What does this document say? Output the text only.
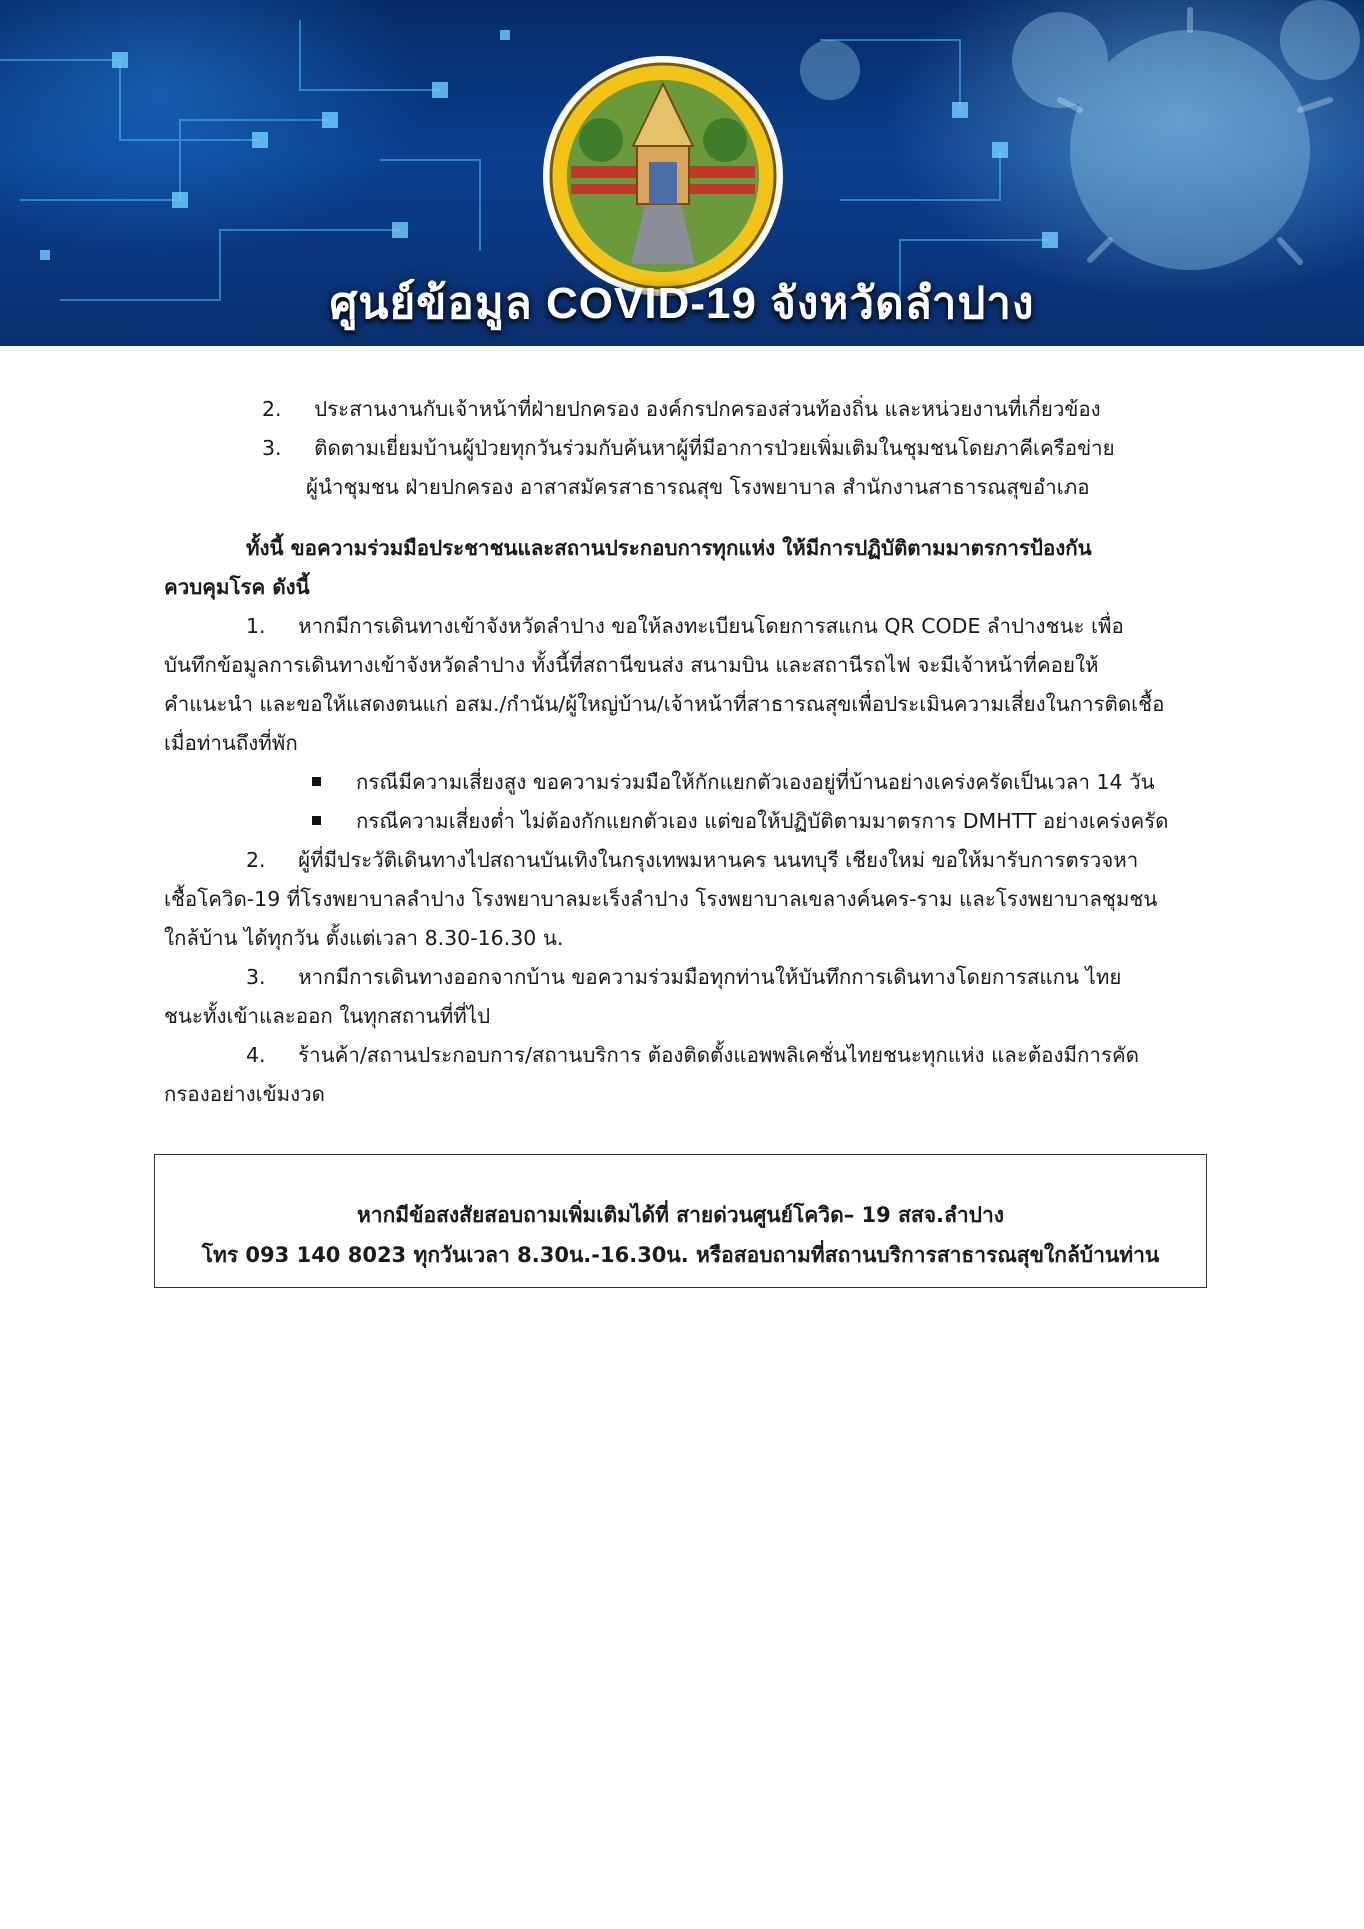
ศูนย์ข้อมูล COVID-19 จังหวัดลำปาง
2. ประสานงานกับเจ้าหน้าที่ฝ่ายปกครอง องค์กรปกครองส่วนท้องถิ่น และหน่วยงานที่เกี่ยวข้อง
3. ติดตามเยี่ยมบ้านผู้ป่วยทุกวันร่วมกับค้นหาผู้ที่มีอาการป่วยเพิ่มเติมในชุมชนโดยภาคีเครือข่าย
ผู้นำชุมชน ฝ่ายปกครอง อาสาสมัครสาธารณสุข โรงพยาบาล สำนักงานสาธารณสุขอำเภอ
ทั้งนี้ ขอความร่วมมือประชาชนและสถานประกอบการทุกแห่ง ให้มีการปฏิบัติตามมาตรการป้องกัน
ควบคุมโรค ดังนี้
1.     หากมีการเดินทางเข้าจังหวัดลำปาง ขอให้ลงทะเบียนโดยการสแกน QR CODE ลำปางชนะ เพื่อ
บันทึกข้อมูลการเดินทางเข้าจังหวัดลำปาง ทั้งนี้ที่สถานีขนส่ง สนามบิน และสถานีรถไฟ จะมีเจ้าหน้าที่คอยให้
คำแนะนำ และขอให้แสดงตนแก่ อสม./กำนัน/ผู้ใหญ่บ้าน/เจ้าหน้าที่สาธารณสุขเพื่อประเมินความเสี่ยงในการติดเชื้อ
เมื่อท่านถึงที่พัก
กรณีมีความเสี่ยงสูง ขอความร่วมมือให้กักแยกตัวเองอยู่ที่บ้านอย่างเคร่งครัดเป็นเวลา 14 วัน
กรณีความเสี่ยงต่ำ ไม่ต้องกักแยกตัวเอง แต่ขอให้ปฏิบัติตามมาตรการ DMHTT อย่างเคร่งครัด
2.     ผู้ที่มีประวัติเดินทางไปสถานบันเทิงในกรุงเทพมหานคร นนทบุรี เชียงใหม่ ขอให้มารับการตรวจหา
เชื้อโควิด-19 ที่โรงพยาบาลลำปาง โรงพยาบาลมะเร็งลำปาง โรงพยาบาลเขลางค์นคร-ราม และโรงพยาบาลชุมชน
ใกล้บ้าน ได้ทุกวัน ตั้งแต่เวลา 8.30-16.30 น.
3.     หากมีการเดินทางออกจากบ้าน ขอความร่วมมือทุกท่านให้บันทึกการเดินทางโดยการสแกน ไทย
ชนะทั้งเข้าและออก ในทุกสถานที่ที่ไป
4.     ร้านค้า/สถานประกอบการ/สถานบริการ ต้องติดตั้งแอพพลิเคชั่นไทยชนะทุกแห่ง และต้องมีการคัด
กรองอย่างเข้มงวด
หากมีข้อสงสัยสอบถามเพิ่มเติมได้ที่ สายด่วนศูนย์โควิด– 19 สสจ.ลำปาง
โทร 093 140 8023 ทุกวันเวลา 8.30น.-16.30น. หรือสอบถามที่สถานบริการสาธารณสุขใกล้บ้านท่าน
